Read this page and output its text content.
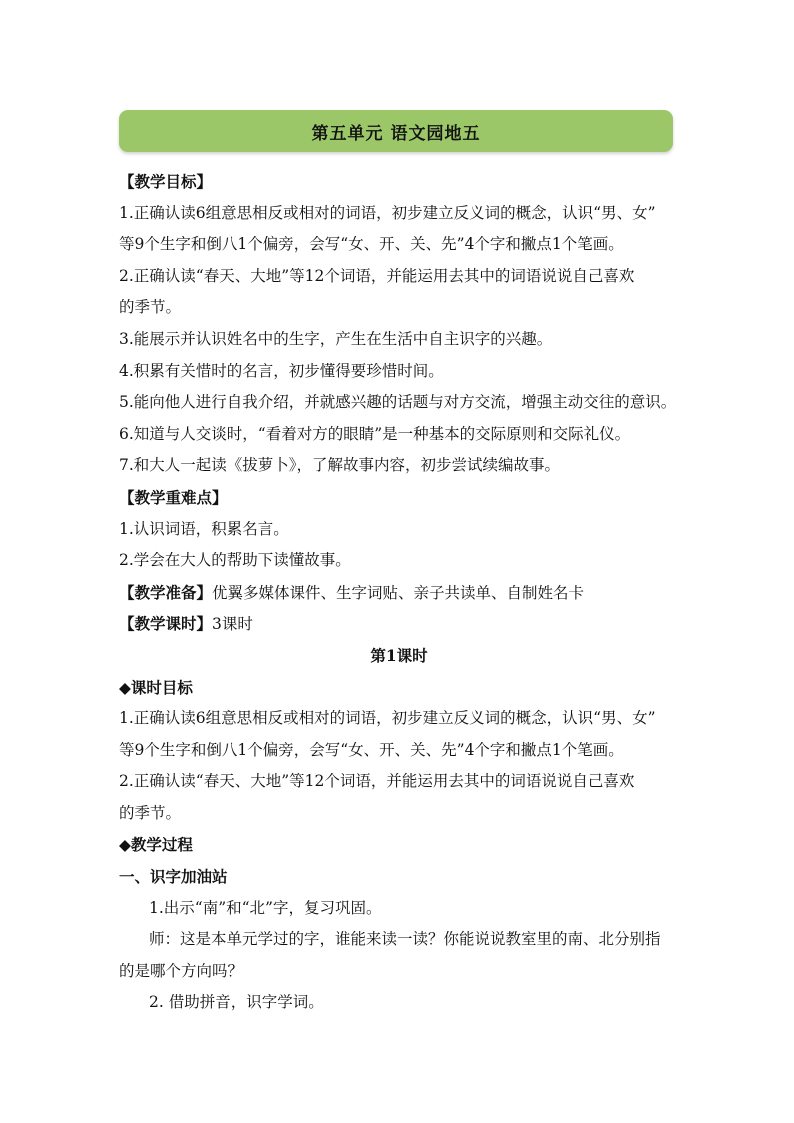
第五单元 语文园地五
【教学目标】
1.正确认读6组意思相反或相对的词语，初步建立反义词的概念，认识“男、女”
等9个生字和倒八1个偏旁，会写“女、开、关、先”4个字和撇点1个笔画。
2.正确认读“春天、大地”等12个词语，并能运用去其中的词语说说自己喜欢
的季节。
3.能展示并认识姓名中的生字，产生在生活中自主识字的兴趣。
4.积累有关惜时的名言，初步懂得要珍惜时间。
5.能向他人进行自我介绍，并就感兴趣的话题与对方交流，增强主动交往的意识。
6.知道与人交谈时，“看着对方的眼睛”是一种基本的交际原则和交际礼仪。
7.和大人一起读《拔萝卜》，了解故事内容，初步尝试续编故事。
【教学重难点】
1.认识词语，积累名言。
2.学会在大人的帮助下读懂故事。
【教学准备】优翼多媒体课件、生字词贴、亲子共读单、自制姓名卡
【教学课时】3课时
第1课时
◆课时目标
1.正确认读6组意思相反或相对的词语，初步建立反义词的概念，认识“男、女”
等9个生字和倒八1个偏旁，会写“女、开、关、先”4个字和撇点1个笔画。
2.正确认读“春天、大地”等12个词语，并能运用去其中的词语说说自己喜欢
的季节。
◆教学过程
一、识字加油站
1.出示“南”和“北”字，复习巩固。
师：这是本单元学过的字，谁能来读一读？你能说说教室里的南、北分别指
的是哪个方向吗？
2. 借助拼音，识字学词。
